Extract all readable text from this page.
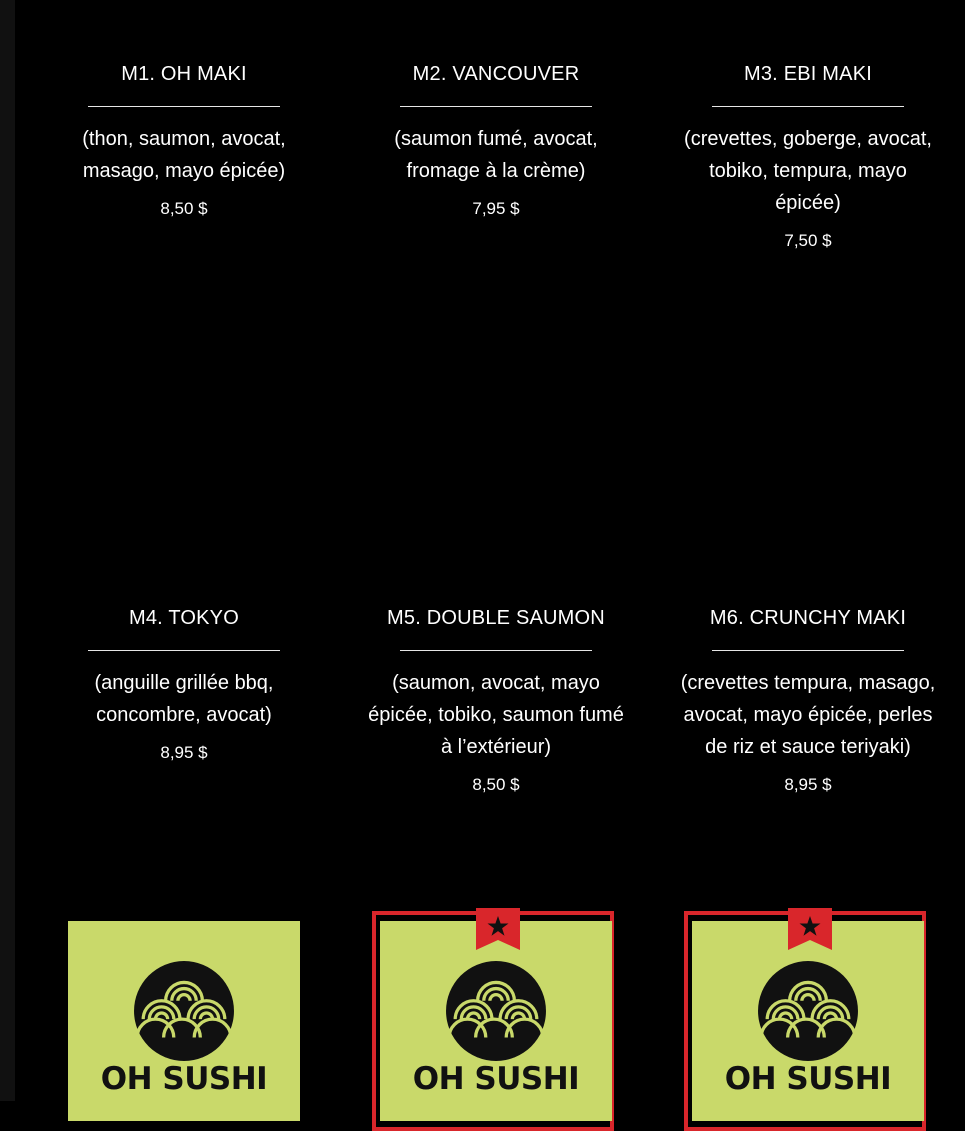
M1. OH MAKI

(thon, saumon, avocat, masago, mayo épicée)

8,50 $
M2. VANCOUVER

(saumon fumé, avocat, fromage à la crème)

7,95 $
M3. EBI MAKI

(crevettes, goberge, avocat, tobiko, tempura, mayo épicée)

7,50 $
M4. TOKYO

(anguille grillée bbq, concombre, avocat)

8,95 $
M5. DOUBLE SAUMON

(saumon, avocat, mayo épicée, tobiko, saumon fumé à l’extérieur)

8,50 $
M6. CRUNCHY MAKI

(crevettes tempura, masago, avocat, mayo épicée, perles de riz et sauce teriyaki)

8,95 $
OH SUSHI	OH SUSHI	OH SUSHI
